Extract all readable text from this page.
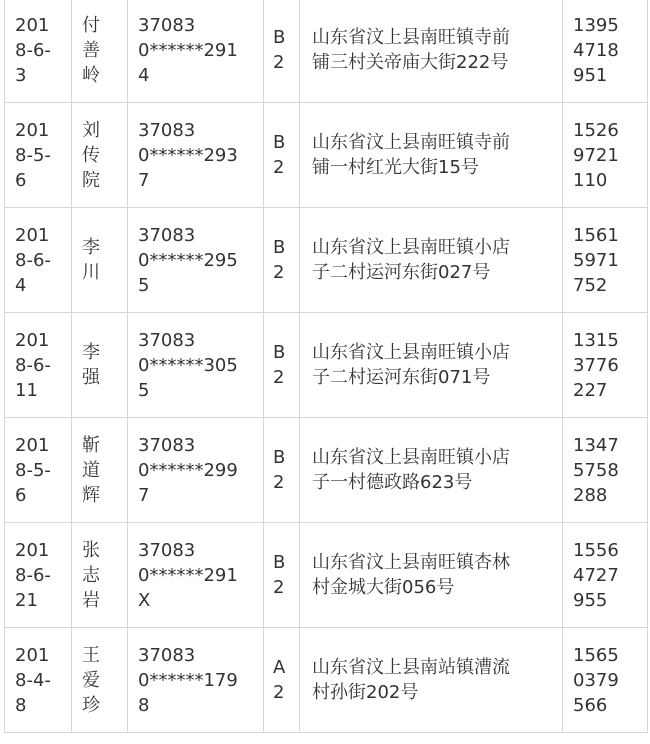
201
8-6-
3	付
善
岭	37083
0******291
4	B
2	山东省汶上县南旺镇寺前
铺三村关帝庙大街222号	1395
4718
951
201
8-5-
6	刘
传
院	37083
0******293
7	B
2	山东省汶上县南旺镇寺前
铺一村红光大街15号	1526
9721
110
201
8-6-
4	李
川	37083
0******295
5	B
2	山东省汶上县南旺镇小店
子二村运河东街027号	1561
5971
752
201
8-6-
11	李
强	37083
0******305
5	B
2	山东省汶上县南旺镇小店
子二村运河东街071号	1315
3776
227
201
8-5-
6	靳
道
辉	37083
0******299
7	B
2	山东省汶上县南旺镇小店
子一村德政路623号	1347
5758
288
201
8-6-
21	张
志
岩	37083
0******291
X	B
2	山东省汶上县南旺镇杏林
村金城大街056号	1556
4727
955
201
8-4-
8	王
爱
珍	37083
0******179
8	A
2	山东省汶上县南站镇漕流
村孙街202号	1565
0379
566
